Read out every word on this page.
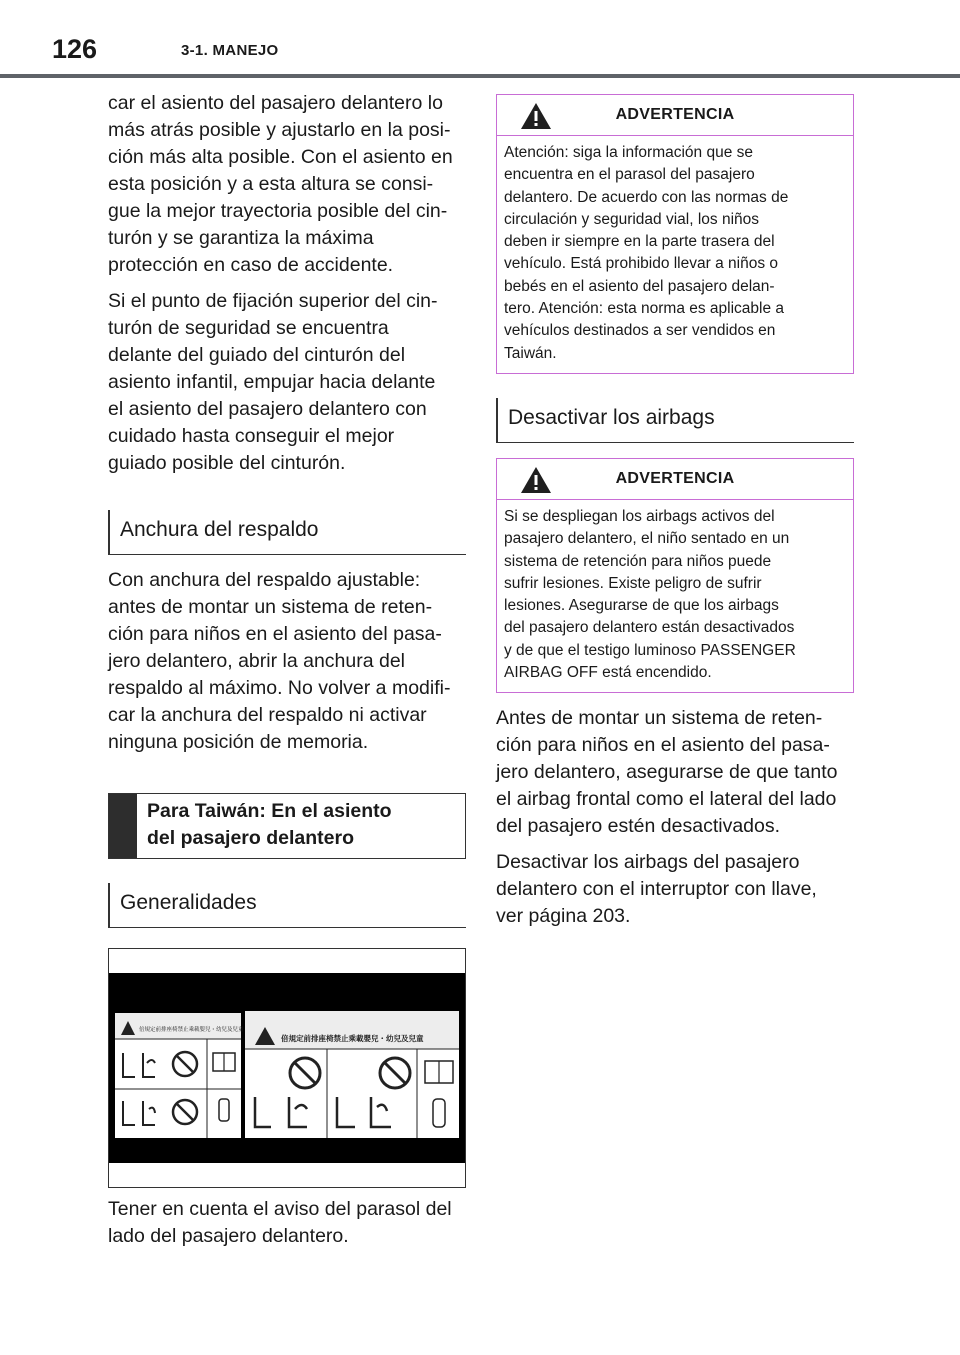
126	3-1. MANEJO

car el asiento del pasajero delantero lo
más atrás posible y ajustarlo en la posi-
ción más alta posible. Con el asiento en
esta posición y a esta altura se consi-
gue la mejor trayectoria posible del cin-
turón y se garantiza la máxima
protección en caso de accidente.

Si el punto de fijación superior del cin-
turón de seguridad se encuentra
delante del guiado del cinturón del
asiento infantil, empujar hacia delante
el asiento del pasajero delantero con
cuidado hasta conseguir el mejor
guiado posible del cinturón.

Anchura del respaldo

Con anchura del respaldo ajustable:
antes de montar un sistema de reten-
ción para niños en el asiento del pasa-
jero delantero, abrir la anchura del
respaldo al máximo. No volver a modifi-
car la anchura del respaldo ni activar
ninguna posición de memoria.

Para Taiwán: En el asiento
del pasajero delantero
Generalidades
倍規定前排座椅禁止乘載嬰兒・幼兒及兒童
倍規定前排座椅禁止乘載嬰兒・幼兒及兒童

Tener en cuenta el aviso del parasol del
lado del pasajero delantero.

ADVERTENCIA
Atención: siga la información que se
encuentra en el parasol del pasajero
delantero. De acuerdo con las normas de
circulación y seguridad vial, los niños
deben ir siempre en la parte trasera del
vehículo. Está prohibido llevar a niños o
bebés en el asiento del pasajero delan-
tero. Atención: esta norma es aplicable a
vehículos destinados a ser vendidos en
Taiwán.
Desactivar los airbags
ADVERTENCIA
Si se despliegan los airbags activos del
pasajero delantero, el niño sentado en un
sistema de retención para niños puede
sufrir lesiones. Existe peligro de sufrir
lesiones. Asegurarse de que los airbags
del pasajero delantero están desactivados
y de que el testigo luminoso PASSENGER
AIRBAG OFF está encendido.

Antes de montar un sistema de reten-
ción para niños en el asiento del pasa-
jero delantero, asegurarse de que tanto
el airbag frontal como el lateral del lado
del pasajero estén desactivados.

Desactivar los airbags del pasajero
delantero con el interruptor con llave,
ver página 203.
